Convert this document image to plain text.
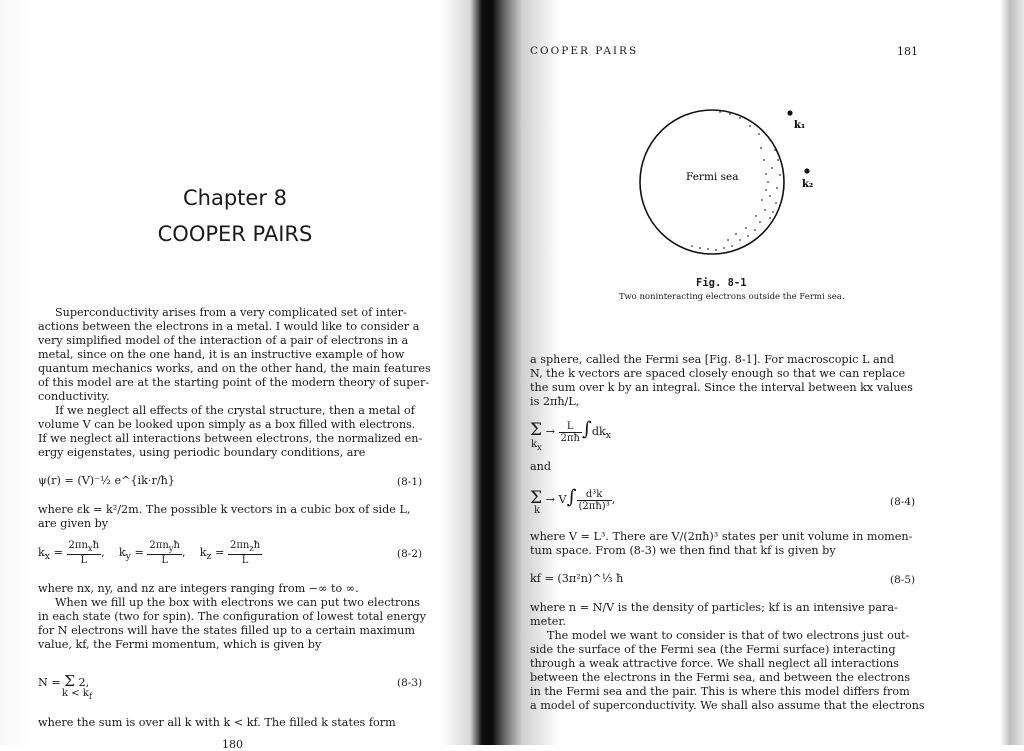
Chapter 8
COOPER PAIRS
Superconductivity arises from a very complicated set of inter-
actions between the electrons in a metal. I would like to consider a
very simplified model of the interaction of a pair of electrons in a
metal, since on the one hand, it is an instructive example of how
quantum mechanics works, and on the other hand, the main features
of this model are at the starting point of the modern theory of super-
conductivity.
If we neglect all effects of the crystal structure, then a metal of
volume V can be looked upon simply as a box filled with electrons.
If we neglect all interactions between electrons, the normalized en-
ergy eigenstates, using periodic boundary conditions, are
ψ(r) = (V)⁻½ e^{ik·r/ħ}	(8-1)
where εk = k²/2m. The possible k vectors in a cubic box of side L,
are given by
$k_x = \frac{2\pi n_xħ}{L}$ ,    $k_y = \frac{2\pi n_yħ}{L}$ ,    $k_z = \frac{2\pi n_zħ}{L}$	(8-2)
where nx, ny, and nz are integers ranging from −∞ to ∞.
When we fill up the box with electrons we can put two electrons
in each state (two for spin). The configuration of lowest total energy
for N electrons will have the states filled up to a certain maximum
value, kf, the Fermi momentum, which is given by
N = Σ 2,
$k < k_f$
(8-3)
where the sum is over all k with k < kf. The filled k states form
180
COOPER PAIRS	181
k₁
k₂
Fermi sea
Fig. 8-1
Two noninteracting electrons outside the Fermi sea.
a sphere, called the Fermi sea [Fig. 8-1]. For macroscopic L and
N, the k vectors are spaced closely enough so that we can replace
the sum over k by an integral. Since the interval between kx values
is 2πħ/L,
$\Sigma \to \frac{L}{2\pi ħ} \int dk_x$
$k_x$
and
$\Sigma \to V\int \frac{\text{d³k}}{\text{(2πħ)³}}$ ,
k
(8-4)
where V = L³. There are V/(2πħ)³ states per unit volume in momen-
tum space. From (8-3) we then find that kf is given by
kf = (3π²n)^⅓ ħ	(8-5)
where n = N/V is the density of particles; kf is an intensive para-
meter.
The model we want to consider is that of two electrons just out-
side the surface of the Fermi sea (the Fermi surface) interacting
through a weak attractive force. We shall neglect all interactions
between the electrons in the Fermi sea, and between the electrons
in the Fermi sea and the pair. This is where this model differs from
a model of superconductivity. We shall also assume that the electrons
